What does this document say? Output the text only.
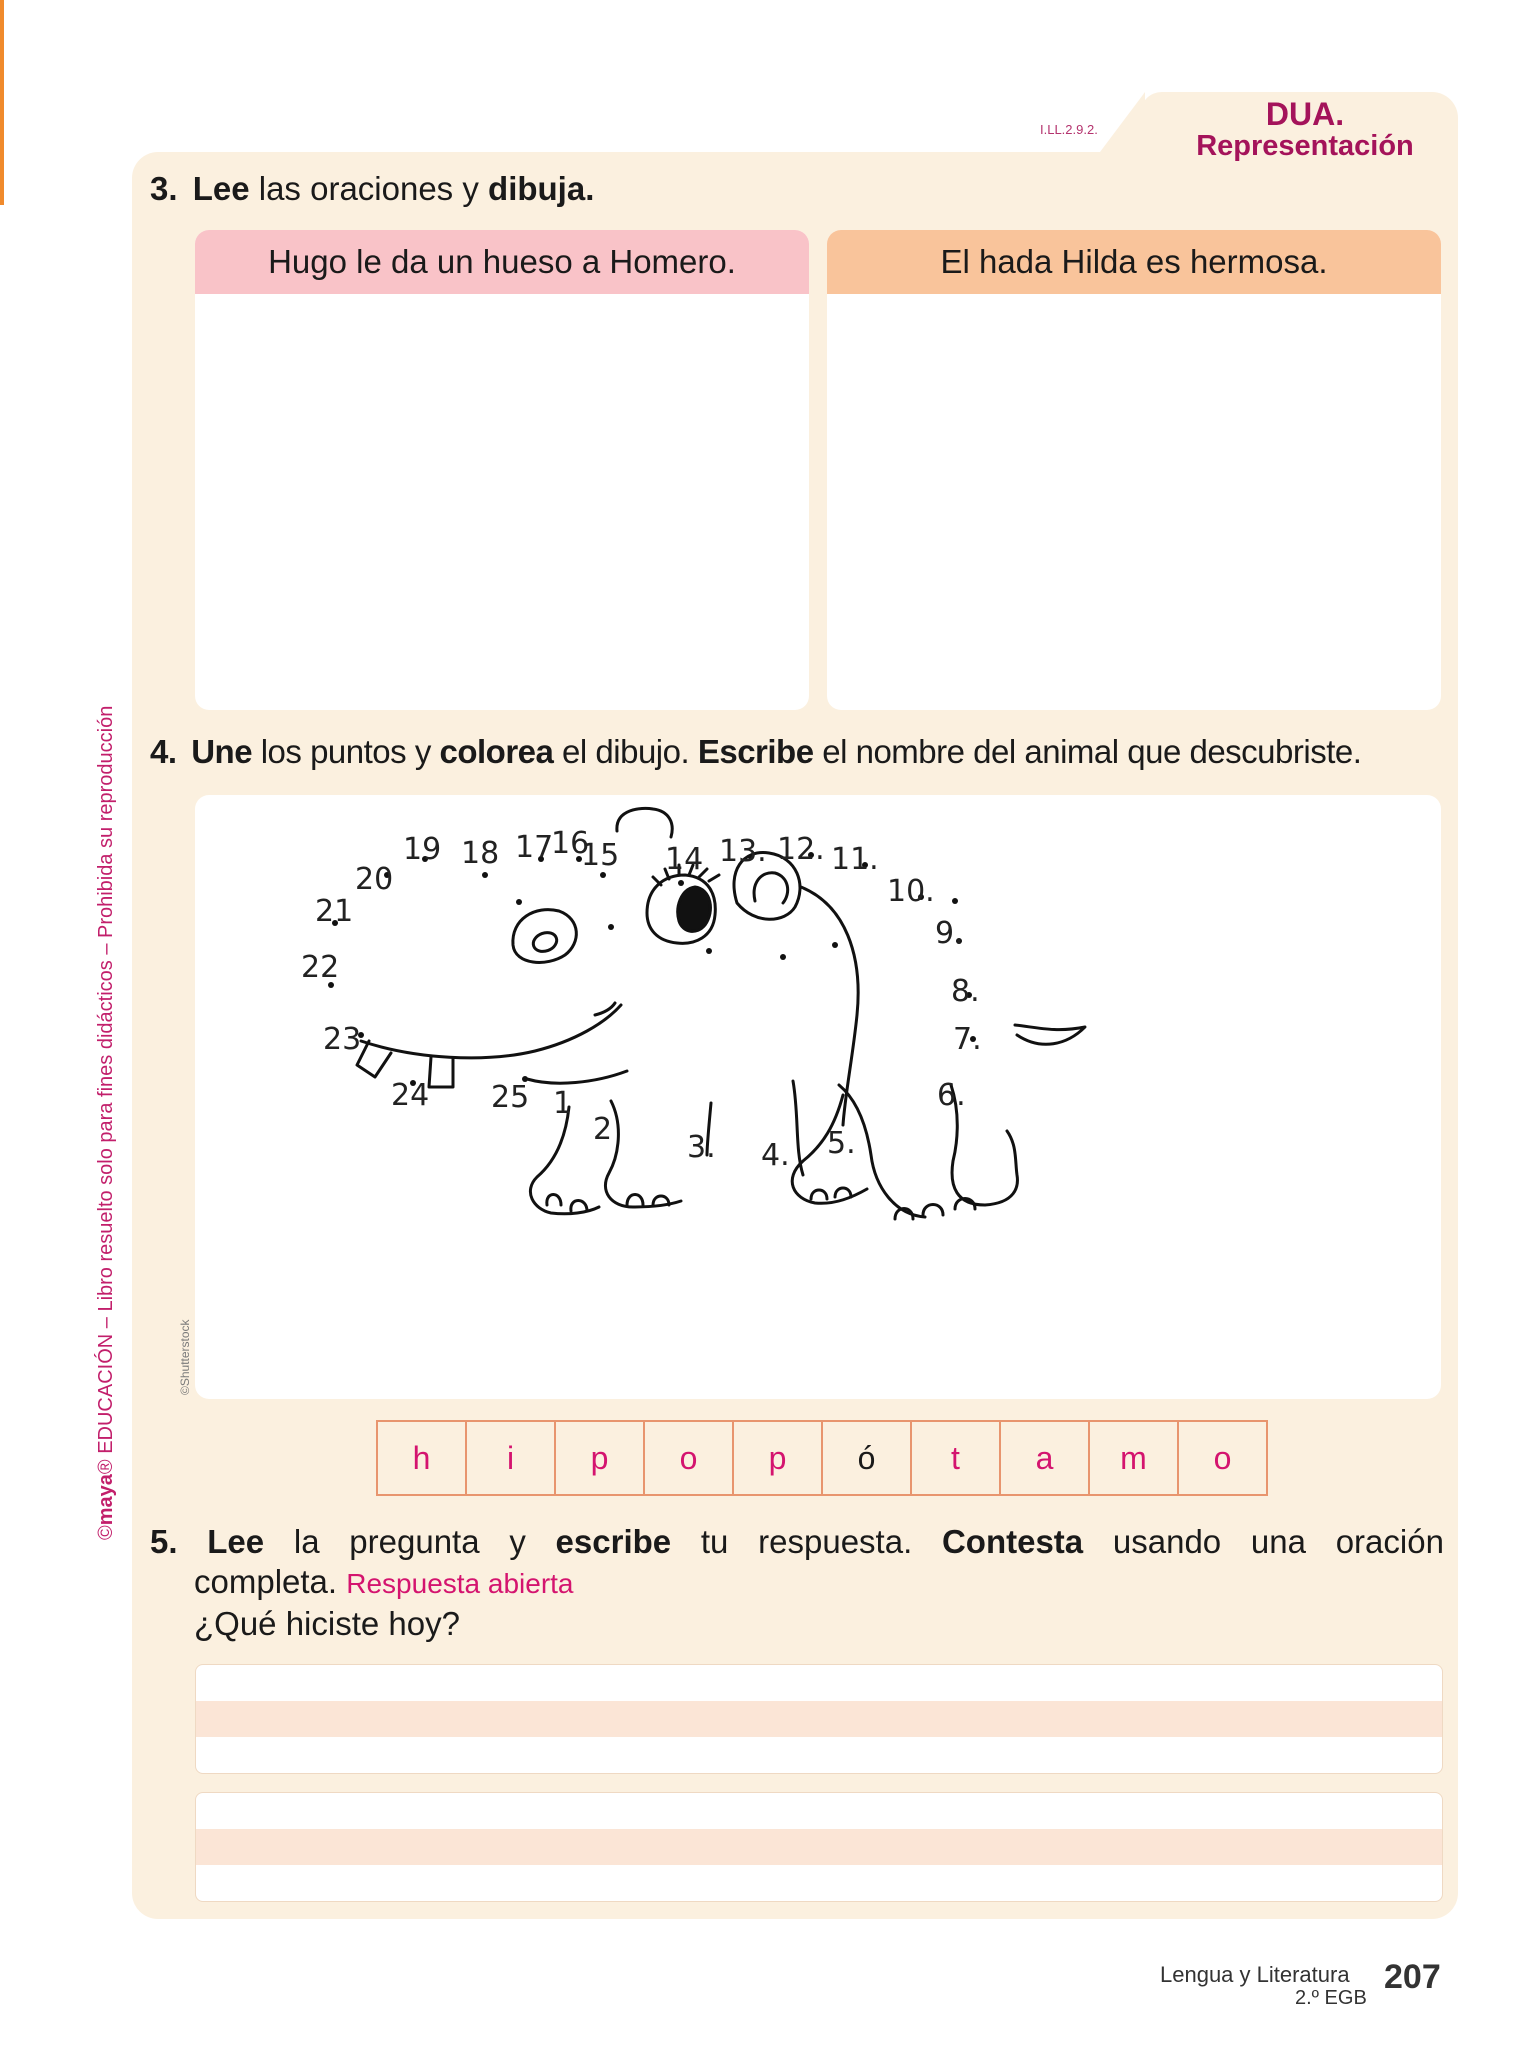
I.LL.2.9.2.	DUA.
Representación
©maya® EDUCACIÓN – Libro resuelto solo para fines didácticos – Prohibida su reproducción	©Shutterstock
3. Lee las oraciones y dibuja.
Hugo le da un hueso a Homero.	El hada Hilda es hermosa.
4. Une los puntos y colorea el dibujo. Escribe el nombre del animal que descubriste.
1
2
3. 4. 5.
6.
7.
8.
9.
10.
11.
12.
13.
14
15
16
17
18
19
20
21
22
23
24 25
h	i	p	o	p	ó	t	a	m	o
5. Lee la pregunta y escribe tu respuesta. Contesta usando una oración
completa. Respuesta abierta
¿Qué hiciste hoy?
Lengua y Literatura
2.º EGB
207
